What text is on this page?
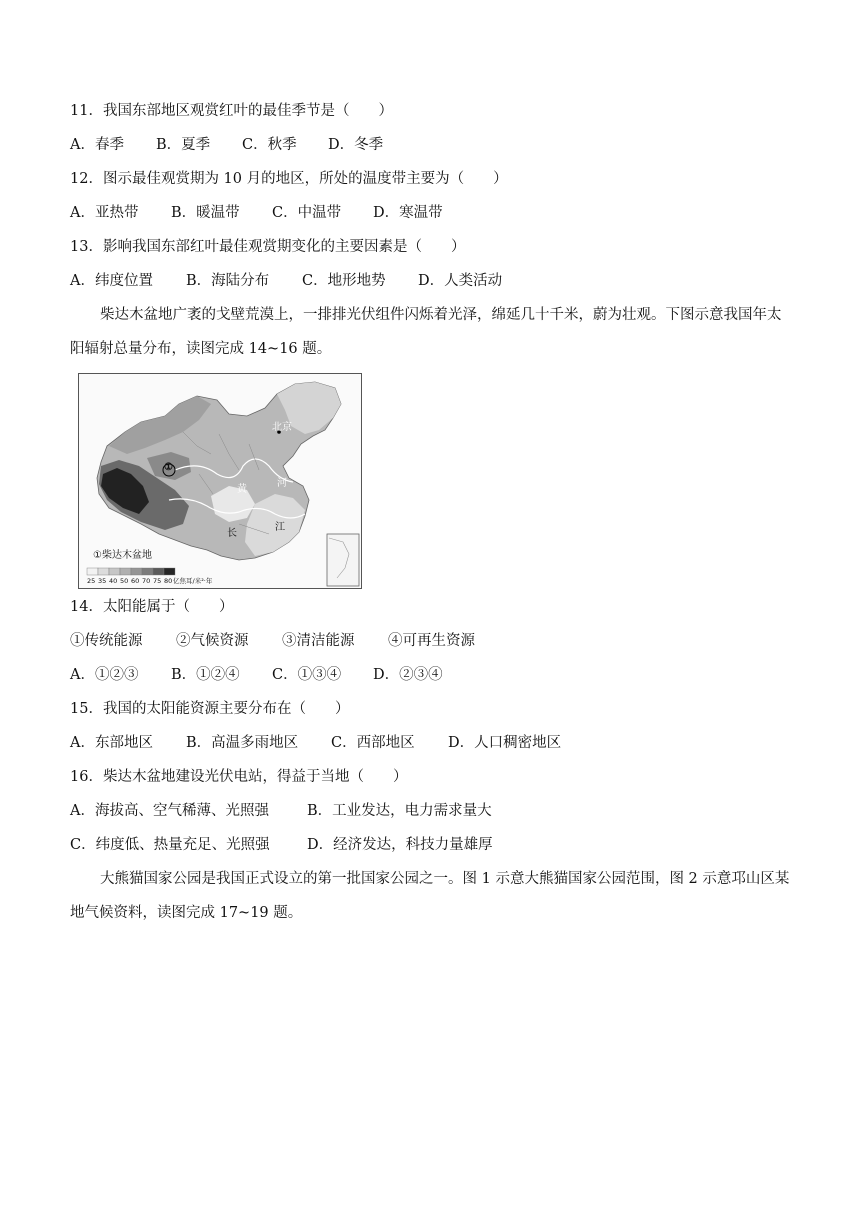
11．我国东部地区观赏红叶的最佳季节是（　　）
A．春季 B．夏季 C．秋季 D．冬季
12．图示最佳观赏期为 10 月的地区，所处的温度带主要为（　　）
A．亚热带 B．暖温带 C．中温带 D．寒温带
13．影响我国东部红叶最佳观赏期变化的主要因素是（　　）
A．纬度位置 B．海陆分布 C．地形地势 D．人类活动
柴达木盆地广袤的戈壁荒漠上，一排排光伏组件闪烁着光泽，绵延几十千米，蔚为壮观。下图示意我国年太阳辐射总量分布，读图完成 14~16 题。
①
北京
黄
河
长
江
①柴达木盆地
25 35 40 50 60 70 75 80亿焦耳/米²·年
14．太阳能属于（　　）
①传统能源 ②气候资源 ③清洁能源 ④可再生资源
A．①②③ B．①②④ C．①③④ D．②③④
15．我国的太阳能资源主要分布在（　　）
A．东部地区 B．高温多雨地区 C．西部地区 D．人口稠密地区
16．柴达木盆地建设光伏电站，得益于当地（　　）
A．海拔高、空气稀薄、光照强	B．工业发达，电力需求量大
C．纬度低、热量充足、光照强	D．经济发达，科技力量雄厚
大熊猫国家公园是我国正式设立的第一批国家公园之一。图 1 示意大熊猫国家公园范围，图 2 示意邛山区某地气候资料，读图完成 17~19 题。
